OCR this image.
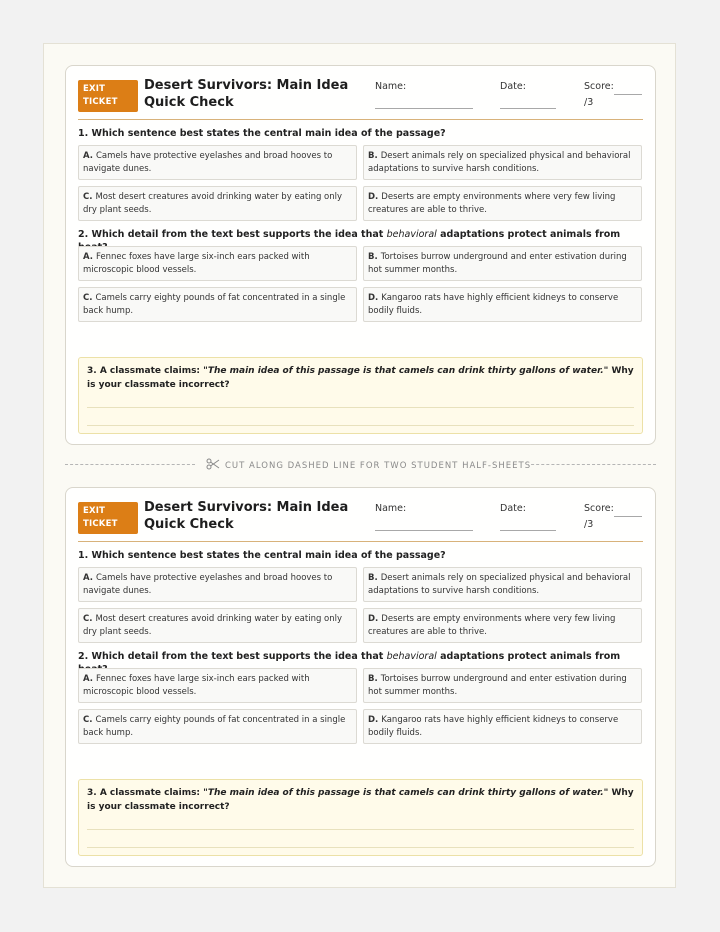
EXIT
TICKET
Desert Survivors: Main Idea Quick Check
Name:	Date:	Score:
/3
1. Which sentence best states the central main idea of the passage?
A. Camels have protective eyelashes and broad hooves to navigate dunes.
B. Desert animals rely on specialized physical and behavioral adaptations to survive harsh conditions.
C. Most desert creatures avoid drinking water by eating only dry plant seeds.
D. Deserts are empty environments where very few living creatures are able to thrive.
2. Which detail from the text best supports the idea that behavioral adaptations protect animals from
A. Fennec foxes have large six-inch ears packed with microscopic blood vessels.
B. Tortoises burrow underground and enter estivation during hot summer months.
C. Camels carry eighty pounds of fat concentrated in a single back hump.
D. Kangaroo rats have highly efficient kidneys to conserve bodily fluids.
3. A classmate claims: "The main idea of this passage is that camels can drink thirty gallons of water." Why is your classmate incorrect?
CUT ALONG DASHED LINE FOR TWO STUDENT HALF-SHEETS
EXIT
TICKET
Desert Survivors: Main Idea Quick Check
Name:	Date:	Score:
/3
1. Which sentence best states the central main idea of the passage?
A. Camels have protective eyelashes and broad hooves to navigate dunes.
B. Desert animals rely on specialized physical and behavioral adaptations to survive harsh conditions.
C. Most desert creatures avoid drinking water by eating only dry plant seeds.
D. Deserts are empty environments where very few living creatures are able to thrive.
2. Which detail from the text best supports the idea that behavioral adaptations protect animals from
A. Fennec foxes have large six-inch ears packed with microscopic blood vessels.
B. Tortoises burrow underground and enter estivation during hot summer months.
C. Camels carry eighty pounds of fat concentrated in a single back hump.
D. Kangaroo rats have highly efficient kidneys to conserve bodily fluids.
3. A classmate claims: "The main idea of this passage is that camels can drink thirty gallons of water." Why is your classmate incorrect?
